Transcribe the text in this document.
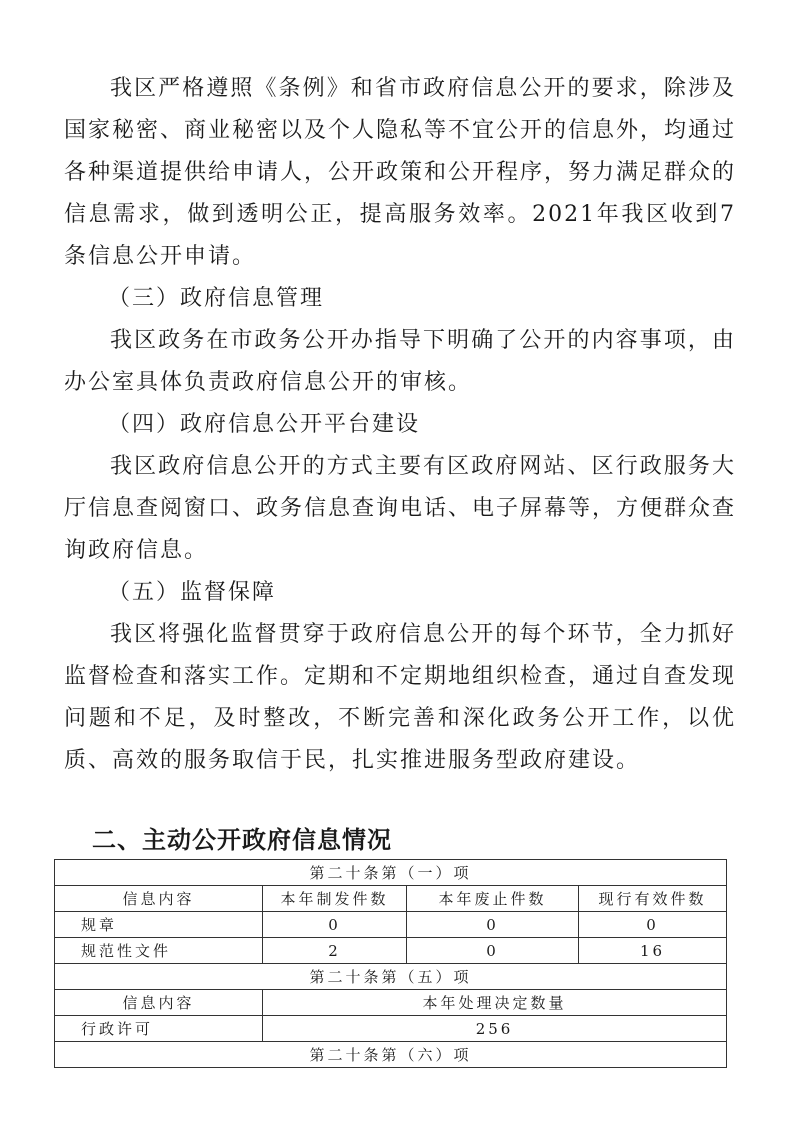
我区严格遵照《条例》和省市政府信息公开的要求，除涉及国家秘密、商业秘密以及个人隐私等不宜公开的信息外，均通过各种渠道提供给申请人，公开政策和公开程序，努力满足群众的信息需求，做到透明公正，提高服务效率。2021年我区收到7条信息公开申请。

（三）政府信息管理

我区政务在市政务公开办指导下明确了公开的内容事项，由办公室具体负责政府信息公开的审核。

（四）政府信息公开平台建设

我区政府信息公开的方式主要有区政府网站、区行政服务大厅信息查阅窗口、政务信息查询电话、电子屏幕等，方便群众查询政府信息。

（五）监督保障

我区将强化监督贯穿于政府信息公开的每个环节，全力抓好监督检查和落实工作。定期和不定期地组织检查，通过自查发现问题和不足，及时整改，不断完善和深化政务公开工作，以优质、高效的服务取信于民，扎实推进服务型政府建设。

二、主动公开政府信息情况
第二十条第（一）项			
信息内容	本年制发件数	本年废止件数	现行有效件数
规章	0	0	0
规范性文件	2	0	16
第二十条第（五）项			
信息内容	本年处理决定数量		
行政许可	256		
第二十条第（六）项			
